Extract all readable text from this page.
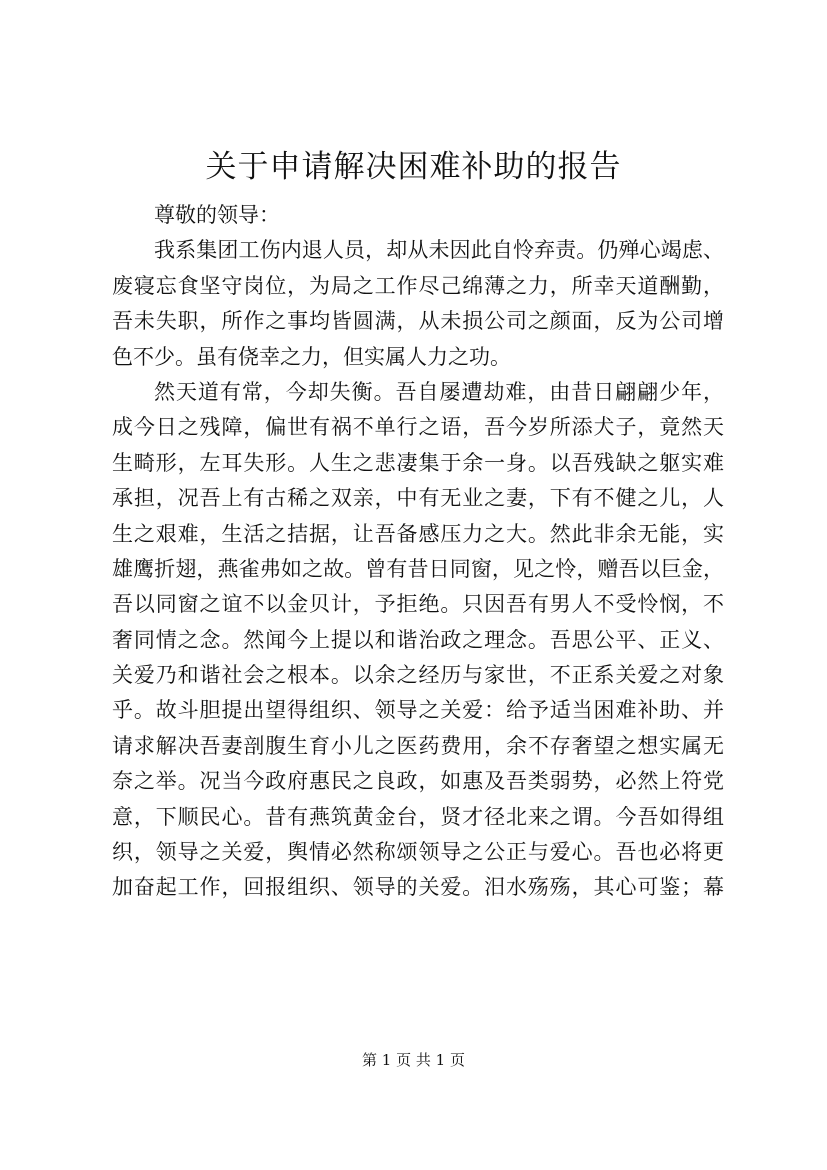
关于申请解决困难补助的报告
尊敬的领导：
我系集团工伤内退人员，却从未因此自怜弃责。仍殚心竭虑、
废寝忘食坚守岗位，为局之工作尽己绵薄之力，所幸天道酬勤，
吾未失职，所作之事均皆圆满，从未损公司之颜面，反为公司增
色不少。虽有侥幸之力，但实属人力之功。
然天道有常，今却失衡。吾自屡遭劫难，由昔日翩翩少年，
成今日之残障，偏世有祸不单行之语，吾今岁所添犬子，竟然天
生畸形，左耳失形。人生之悲凄集于余一身。以吾残缺之躯实难
承担，况吾上有古稀之双亲，中有无业之妻，下有不健之儿，人
生之艰难，生活之拮据，让吾备感压力之大。然此非余无能，实
雄鹰折翅，燕雀弗如之故。曾有昔日同窗，见之怜，赠吾以巨金，
吾以同窗之谊不以金贝计，予拒绝。只因吾有男人不受怜悯，不
奢同情之念。然闻今上提以和谐治政之理念。吾思公平、正义、
关爱乃和谐社会之根本。以余之经历与家世，不正系关爱之对象
乎。故斗胆提出望得组织、领导之关爱：给予适当困难补助、并
请求解决吾妻剖腹生育小儿之医药费用，余不存奢望之想实属无
奈之举。况当今政府惠民之良政，如惠及吾类弱势，必然上符党
意，下顺民心。昔有燕筑黄金台，贤才径北来之谓。今吾如得组
织，领导之关爱，舆情必然称颂领导之公正与爱心。吾也必将更
加奋起工作，回报组织、领导的关爱。汨水殇殇，其心可鉴；幕
第 1 页 共 1 页
